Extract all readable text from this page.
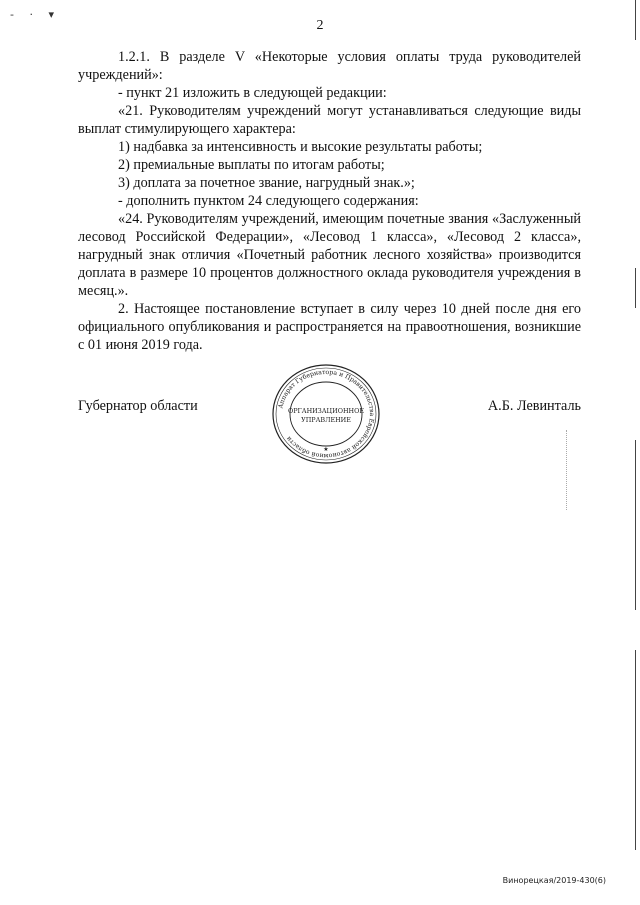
- · ▾
2

1.2.1. В разделе V «Некоторые условия оплаты труда руководителей учреждений»:

- пункт 21 изложить в следующей редакции:

«21. Руководителям учреждений могут устанавливаться следующие виды выплат стимулирующего характера:

1) надбавка за интенсивность и высокие результаты работы;

2) премиальные выплаты по итогам работы;

3) доплата за почетное звание, нагрудный знак.»;

- дополнить пунктом 24 следующего содержания:

«24. Руководителям учреждений, имеющим почетные звания «Заслуженный лесовод Российской Федерации», «Лесовод 1 класса», «Лесовод 2 класса», нагрудный знак отличия «Почетный работник лесного хозяйства» производится доплата в размере 10 процентов должностного оклада руководителя учреждения в месяц.».

2. Настоящее постановление вступает в силу через 10 дней после дня его официального опубликования и распространяется на правоотношения, возникшие с 01 июня 2019 года.

Губернатор области	А.Б. Левинталь
Аппарат Губернатора и Правительства Еврейской автономной области
ОРГАНИЗАЦИОННОЕ
УПРАВЛЕНИЕ
★
Винорецкая/2019-430(6)
